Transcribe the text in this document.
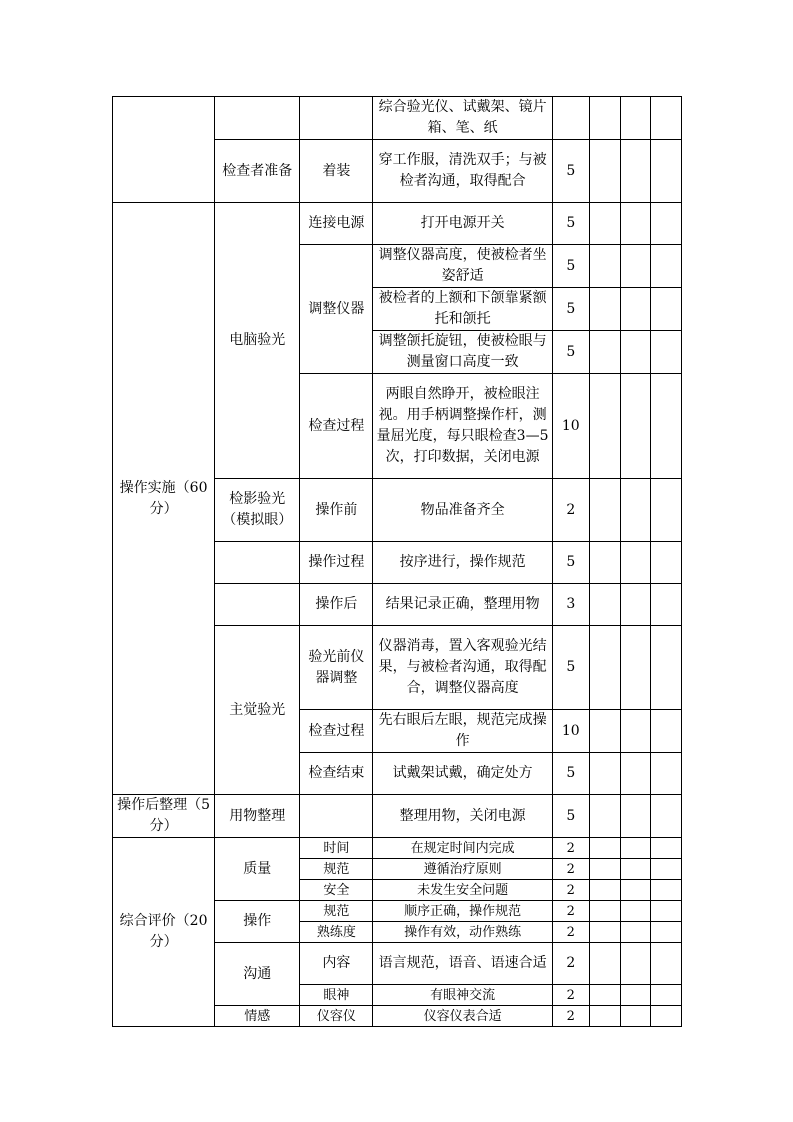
			综合验光仪、试戴架、镜片箱、笔、纸				
	检查者准备	着装	穿工作服，清洗双手；与被检者沟通，取得配合	5			
操作实施（60分）	电脑验光	连接电源	打开电源开关	5			
		调整仪器	调整仪器高度，使被检者坐姿舒适	5			
			被检者的上额和下颌靠紧额托和颌托	5			
			调整颌托旋钮，使被检眼与测量窗口高度一致	5			
		检查过程	两眼自然睁开，被检眼注视。用手柄调整操作杆，测量屈光度，每只眼检查3—5次，打印数据，关闭电源	10			
	检影验光（模拟眼）	操作前	物品准备齐全	2			
		操作过程	按序进行，操作规范	5			
		操作后	结果记录正确，整理用物	3			
	主觉验光	验光前仪器调整	仪器消毒，置入客观验光结果，与被检者沟通，取得配合，调整仪器高度	5			
		检查过程	先右眼后左眼，规范完成操作	10			
		检查结束	试戴架试戴，确定处方	5			
操作后整理（5分）	用物整理		整理用物，关闭电源	5			
综合评价（20分）	质量	时间	在规定时间内完成	2			
		规范	遵循治疗原则	2			
		安全	未发生安全问题	2			
	操作	规范	顺序正确，操作规范	2			
		熟练度	操作有效，动作熟练	2			
	沟通	内容	语言规范，语音、语速合适	2			
		眼神	有眼神交流	2			
	情感	仪容仪	仪容仪表合适	2			
